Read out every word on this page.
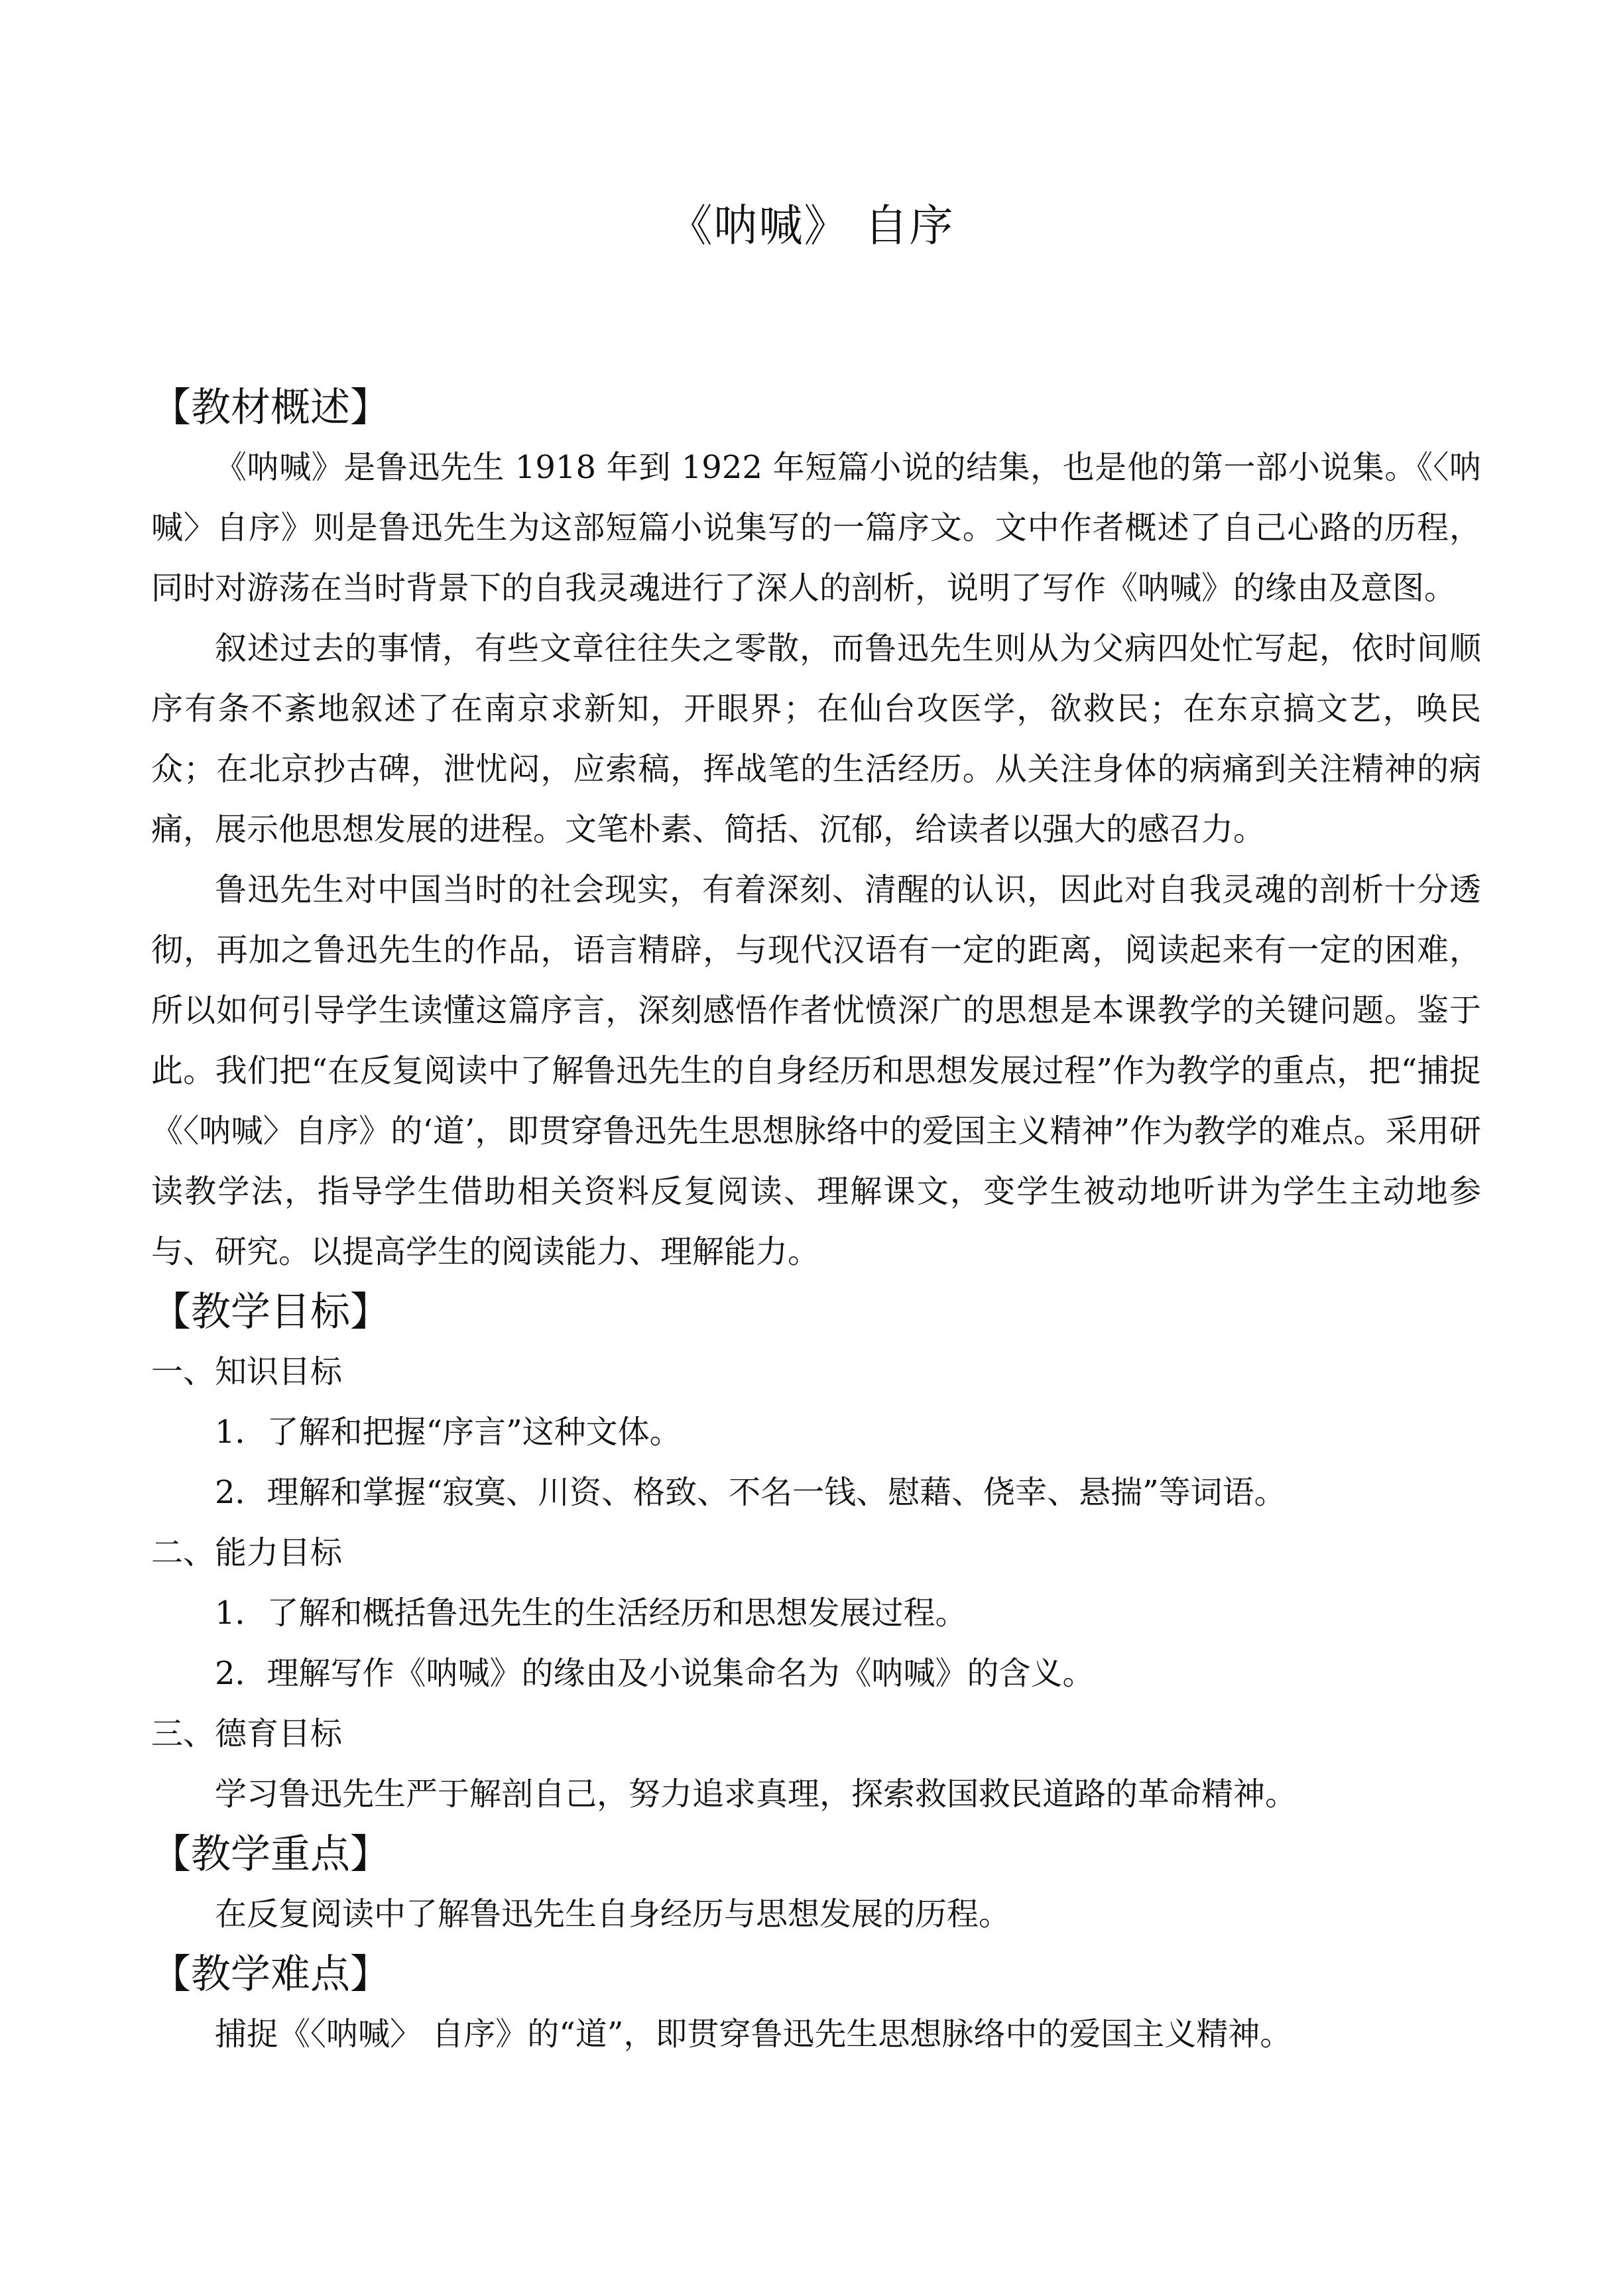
《呐喊》 自序
【教材概述】

《呐喊》是鲁迅先生 1918 年到 1922 年短篇小说的结集，也是他的第一部小说集。《〈呐喊〉自序》则是鲁迅先生为这部短篇小说集写的一篇序文。文中作者概述了自己心路的历程，同时对游荡在当时背景下的自我灵魂进行了深人的剖析，说明了写作《呐喊》的缘由及意图。

叙述过去的事情，有些文章往往失之零散，而鲁迅先生则从为父病四处忙写起，依时间顺序有条不紊地叙述了在南京求新知，开眼界；在仙台攻医学，欲救民；在东京搞文艺，唤民众；在北京抄古碑，泄忧闷，应索稿，挥战笔的生活经历。从关注身体的病痛到关注精神的病痛，展示他思想发展的进程。文笔朴素、简括、沉郁，给读者以强大的感召力。

鲁迅先生对中国当时的社会现实，有着深刻、清醒的认识，因此对自我灵魂的剖析十分透彻，再加之鲁迅先生的作品，语言精辟，与现代汉语有一定的距离，阅读起来有一定的困难，所以如何引导学生读懂这篇序言，深刻感悟作者忧愤深广的思想是本课教学的关键问题。鉴于此。我们把“在反复阅读中了解鲁迅先生的自身经历和思想发展过程”作为教学的重点，把“捕捉《〈呐喊〉自序》的‘道’，即贯穿鲁迅先生思想脉络中的爱国主义精神”作为教学的难点。采用研读教学法，指导学生借助相关资料反复阅读、理解课文，变学生被动地听讲为学生主动地参与、研究。以提高学生的阅读能力、理解能力。

【教学目标】

一、知识目标

1．了解和把握“序言”这种文体。

2．理解和掌握“寂寞、川资、格致、不名一钱、慰藉、侥幸、悬揣”等词语。

二、能力目标

1．了解和概括鲁迅先生的生活经历和思想发展过程。

2．理解写作《呐喊》的缘由及小说集命名为《呐喊》的含义。

三、德育目标

学习鲁迅先生严于解剖自己，努力追求真理，探索救国救民道路的革命精神。

【教学重点】

在反复阅读中了解鲁迅先生自身经历与思想发展的历程。

【教学难点】

捕捉《〈呐喊〉 自序》的“道”，即贯穿鲁迅先生思想脉络中的爱国主义精神。
